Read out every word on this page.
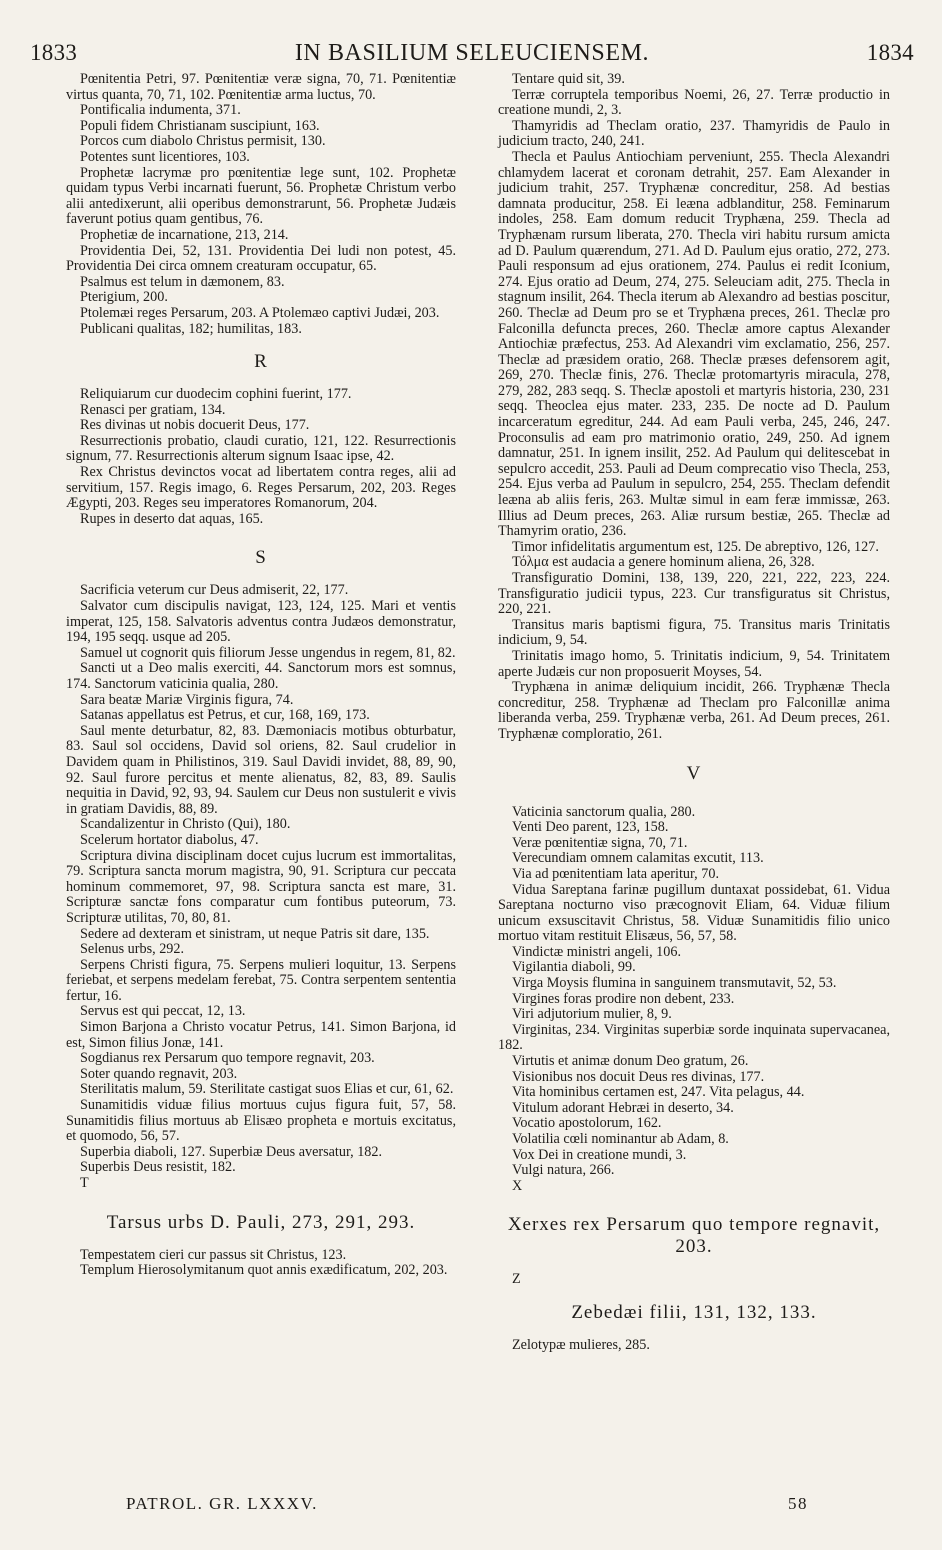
1833	IN BASILIUM SELEUCIENSEM.	1834

Pœnitentia Petri, 97. Pœnitentiæ veræ signa, 70, 71. Pœnitentiæ virtus quanta, 70, 71, 102. Pœnitentiæ arma luctus, 70.

Pontificalia indumenta, 371.

Populi fidem Christianam suscipiunt, 163.

Porcos cum diabolo Christus permisit, 130.

Potentes sunt licentiores, 103.

Prophetæ lacrymæ pro pœnitentiæ lege sunt, 102. Prophetæ quidam typus Verbi incarnati fuerunt, 56. Prophetæ Christum verbo alii antedixerunt, alii operibus demonstrarunt, 56. Prophetæ Judæis faverunt potius quam gentibus, 76.

Prophetiæ de incarnatione, 213, 214.

Providentia Dei, 52, 131. Providentia Dei ludi non potest, 45. Providentia Dei circa omnem creaturam occupatur, 65.

Psalmus est telum in dæmonem, 83.

Pterigium, 200.

Ptolemæi reges Persarum, 203. A Ptolemæo captivi Judæi, 203.

Publicani qualitas, 182; humilitas, 183.

R

Reliquiarum cur duodecim cophini fuerint, 177.

Renasci per gratiam, 134.

Res divinas ut nobis docuerit Deus, 177.

Resurrectionis probatio, claudi curatio, 121, 122. Resurrectionis signum, 77. Resurrectionis alterum signum Isaac ipse, 42.

Rex Christus devinctos vocat ad libertatem contra reges, alii ad servitium, 157. Regis imago, 6. Reges Persarum, 202, 203. Reges Ægypti, 203. Reges seu imperatores Romanorum, 204.

Rupes in deserto dat aquas, 165.

S

Sacrificia veterum cur Deus admiserit, 22, 177.

Salvator cum discipulis navigat, 123, 124, 125. Mari et ventis imperat, 125, 158. Salvatoris adventus contra Judæos demonstratur, 194, 195 seqq. usque ad 205.

Samuel ut cognorit quis filiorum Jesse ungendus in regem, 81, 82.

Sancti ut a Deo malis exerciti, 44. Sanctorum mors est somnus, 174. Sanctorum vaticinia qualia, 280.

Sara beatæ Mariæ Virginis figura, 74.

Satanas appellatus est Petrus, et cur, 168, 169, 173.

Saul mente deturbatur, 82, 83. Dæmoniacis motibus obturbatur, 83. Saul sol occidens, David sol oriens, 82. Saul crudelior in Davidem quam in Philistinos, 319. Saul Davidi invidet, 88, 89, 90, 92. Saul furore percitus et mente alienatus, 82, 83, 89. Saulis nequitia in David, 92, 93, 94. Saulem cur Deus non sustulerit e vivis in gratiam Davidis, 88, 89.

Scandalizentur in Christo (Qui), 180.

Scelerum hortator diabolus, 47.

Scriptura divina disciplinam docet cujus lucrum est immortalitas, 79. Scriptura sancta morum magistra, 90, 91. Scriptura cur peccata hominum commemoret, 97, 98. Scriptura sancta est mare, 31. Scripturæ sanctæ fons comparatur cum fontibus puteorum, 73. Scripturæ utilitas, 70, 80, 81.

Sedere ad dexteram et sinistram, ut neque Patris sit dare, 135.

Selenus urbs, 292.

Serpens Christi figura, 75. Serpens mulieri loquitur, 13. Serpens feriebat, et serpens medelam ferebat, 75. Contra serpentem sententia fertur, 16.

Servus est qui peccat, 12, 13.

Simon Barjona a Christo vocatur Petrus, 141. Simon Barjona, id est, Simon filius Jonæ, 141.

Sogdianus rex Persarum quo tempore regnavit, 203.

Soter quando regnavit, 203.

Sterilitatis malum, 59. Sterilitate castigat suos Elias et cur, 61, 62.

Sunamitidis viduæ filius mortuus cujus figura fuit, 57, 58. Sunamitidis filius mortuus ab Elisæo propheta e mortuis excitatus, et quomodo, 56, 57.

Superbia diaboli, 127. Superbiæ Deus aversatur, 182.

Superbis Deus resistit, 182.

T

Tarsus urbs D. Pauli, 273, 291, 293.

Tempestatem cieri cur passus sit Christus, 123.

Templum Hierosolymitanum quot annis exædificatum, 202, 203.

Tentare quid sit, 39.

Terræ corruptela temporibus Noemi, 26, 27. Terræ productio in creatione mundi, 2, 3.

Thamyridis ad Theclam oratio, 237. Thamyridis de Paulo in judicium tracto, 240, 241.

Thecla et Paulus Antiochiam perveniunt, 255. Thecla Alexandri chlamydem lacerat et coronam detrahit, 257. Eam Alexander in judicium trahit, 257. Tryphænæ concreditur, 258. Ad bestias damnata producitur, 258. Ei leæna adblanditur, 258. Feminarum indoles, 258. Eam domum reducit Tryphæna, 259. Thecla ad Tryphænam rursum liberata, 270. Thecla viri habitu rursum amicta ad D. Paulum quærendum, 271. Ad D. Paulum ejus oratio, 272, 273. Pauli responsum ad ejus orationem, 274. Paulus ei redit Iconium, 274. Ejus oratio ad Deum, 274, 275. Seleuciam adit, 275. Thecla in stagnum insilit, 264. Thecla iterum ab Alexandro ad bestias poscitur, 260. Theclæ ad Deum pro se et Tryphæna preces, 261. Theclæ pro Falconilla defuncta preces, 260. Theclæ amore captus Alexander Antiochiæ præfectus, 253. Ad Alexandri vim exclamatio, 256, 257. Theclæ ad præsidem oratio, 268. Theclæ præses defensorem agit, 269, 270. Theclæ finis, 276. Theclæ protomartyris miracula, 278, 279, 282, 283 seqq. S. Theclæ apostoli et martyris historia, 230, 231 seqq. Theoclea ejus mater. 233, 235. De nocte ad D. Paulum incarceratum egreditur, 244. Ad eam Pauli verba, 245, 246, 247. Proconsulis ad eam pro matrimonio oratio, 249, 250. Ad ignem damnatur, 251. In ignem insilit, 252. Ad Paulum qui delitescebat in sepulcro accedit, 253. Pauli ad Deum comprecatio viso Thecla, 253, 254. Ejus verba ad Paulum in sepulcro, 254, 255. Theclam defendit leæna ab aliis feris, 263. Multæ simul in eam feræ immissæ, 263. Illius ad Deum preces, 263. Aliæ rursum bestiæ, 265. Theclæ ad Thamyrim oratio, 236.

Timor infidelitatis argumentum est, 125. De abreptivo, 126, 127.

Τόλμα est audacia a genere hominum aliena, 26, 328.

Transfiguratio Domini, 138, 139, 220, 221, 222, 223, 224. Transfiguratio judicii typus, 223. Cur transfiguratus sit Christus, 220, 221.

Transitus maris baptismi figura, 75. Transitus maris Trinitatis indicium, 9, 54.

Trinitatis imago homo, 5. Trinitatis indicium, 9, 54. Trinitatem aperte Judæis cur non proposuerit Moyses, 54.

Tryphæna in animæ deliquium incidit, 266. Tryphænæ Thecla concreditur, 258. Tryphænæ ad Theclam pro Falconillæ anima liberanda verba, 259. Tryphænæ verba, 261. Ad Deum preces, 261. Tryphænæ comploratio, 261.

V

Vaticinia sanctorum qualia, 280.

Venti Deo parent, 123, 158.

Veræ pœnitentiæ signa, 70, 71.

Verecundiam omnem calamitas excutit, 113.

Via ad pœnitentiam lata aperitur, 70.

Vidua Sareptana farinæ pugillum duntaxat possidebat, 61. Vidua Sareptana nocturno viso præcognovit Eliam, 64. Viduæ filium unicum exsuscitavit Christus, 58. Viduæ Sunamitidis filio unico mortuo vitam restituit Elisæus, 56, 57, 58.

Vindictæ ministri angeli, 106.

Vigilantia diaboli, 99.

Virga Moysis flumina in sanguinem transmutavit, 52, 53.

Virgines foras prodire non debent, 233.

Viri adjutorium mulier, 8, 9.

Virginitas, 234. Virginitas superbiæ sorde inquinata supervacanea, 182.

Virtutis et animæ donum Deo gratum, 26.

Visionibus nos docuit Deus res divinas, 177.

Vita hominibus certamen est, 247. Vita pelagus, 44.

Vitulum adorant Hebræi in deserto, 34.

Vocatio apostolorum, 162.

Volatilia cœli nominantur ab Adam, 8.

Vox Dei in creatione mundi, 3.

Vulgi natura, 266.

X

Xerxes rex Persarum quo tempore regnavit, 203.

Z

Zebedæi filii, 131, 132, 133.

Zelotypæ mulieres, 285.

PATROL. GR. LXXXV.	58
